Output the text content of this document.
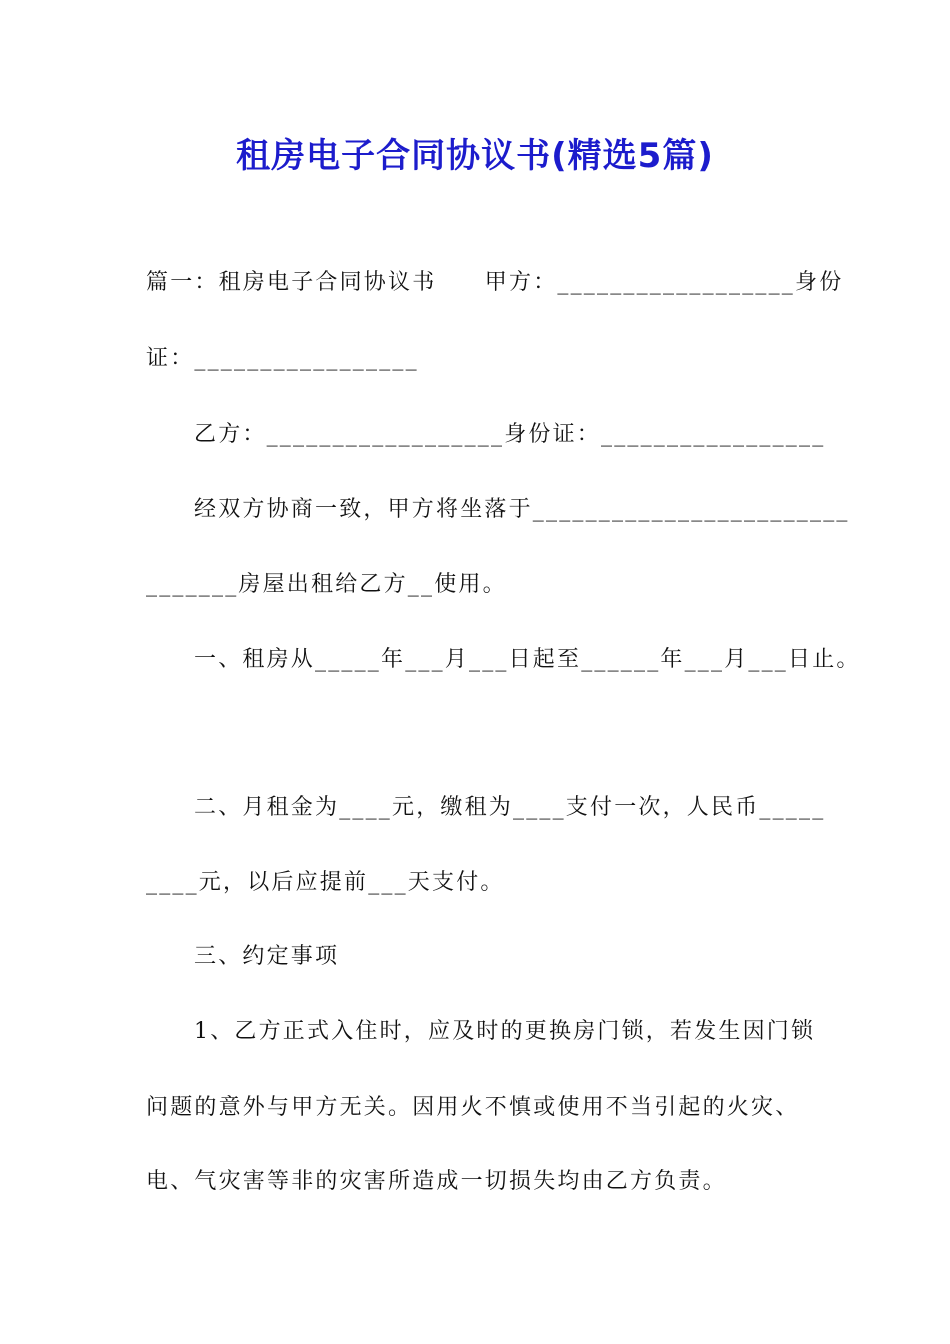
租房电子合同协议书(精选5篇)
篇一：租房电子合同协议书　　甲方：__________________身份
证：_________________
乙方：__________________身份证：_________________
经双方协商一致，甲方将坐落于________________________
_______房屋出租给乙方__使用。
一、租房从_____年___月___日起至______年___月___日止。
二、月租金为____元，缴租为____支付一次，人民币_____
____元，以后应提前___天支付。
三、约定事项
1、乙方正式入住时，应及时的更换房门锁，若发生因门锁
问题的意外与甲方无关。因用火不慎或使用不当引起的火灾、
电、气灾害等非的灾害所造成一切损失均由乙方负责。
